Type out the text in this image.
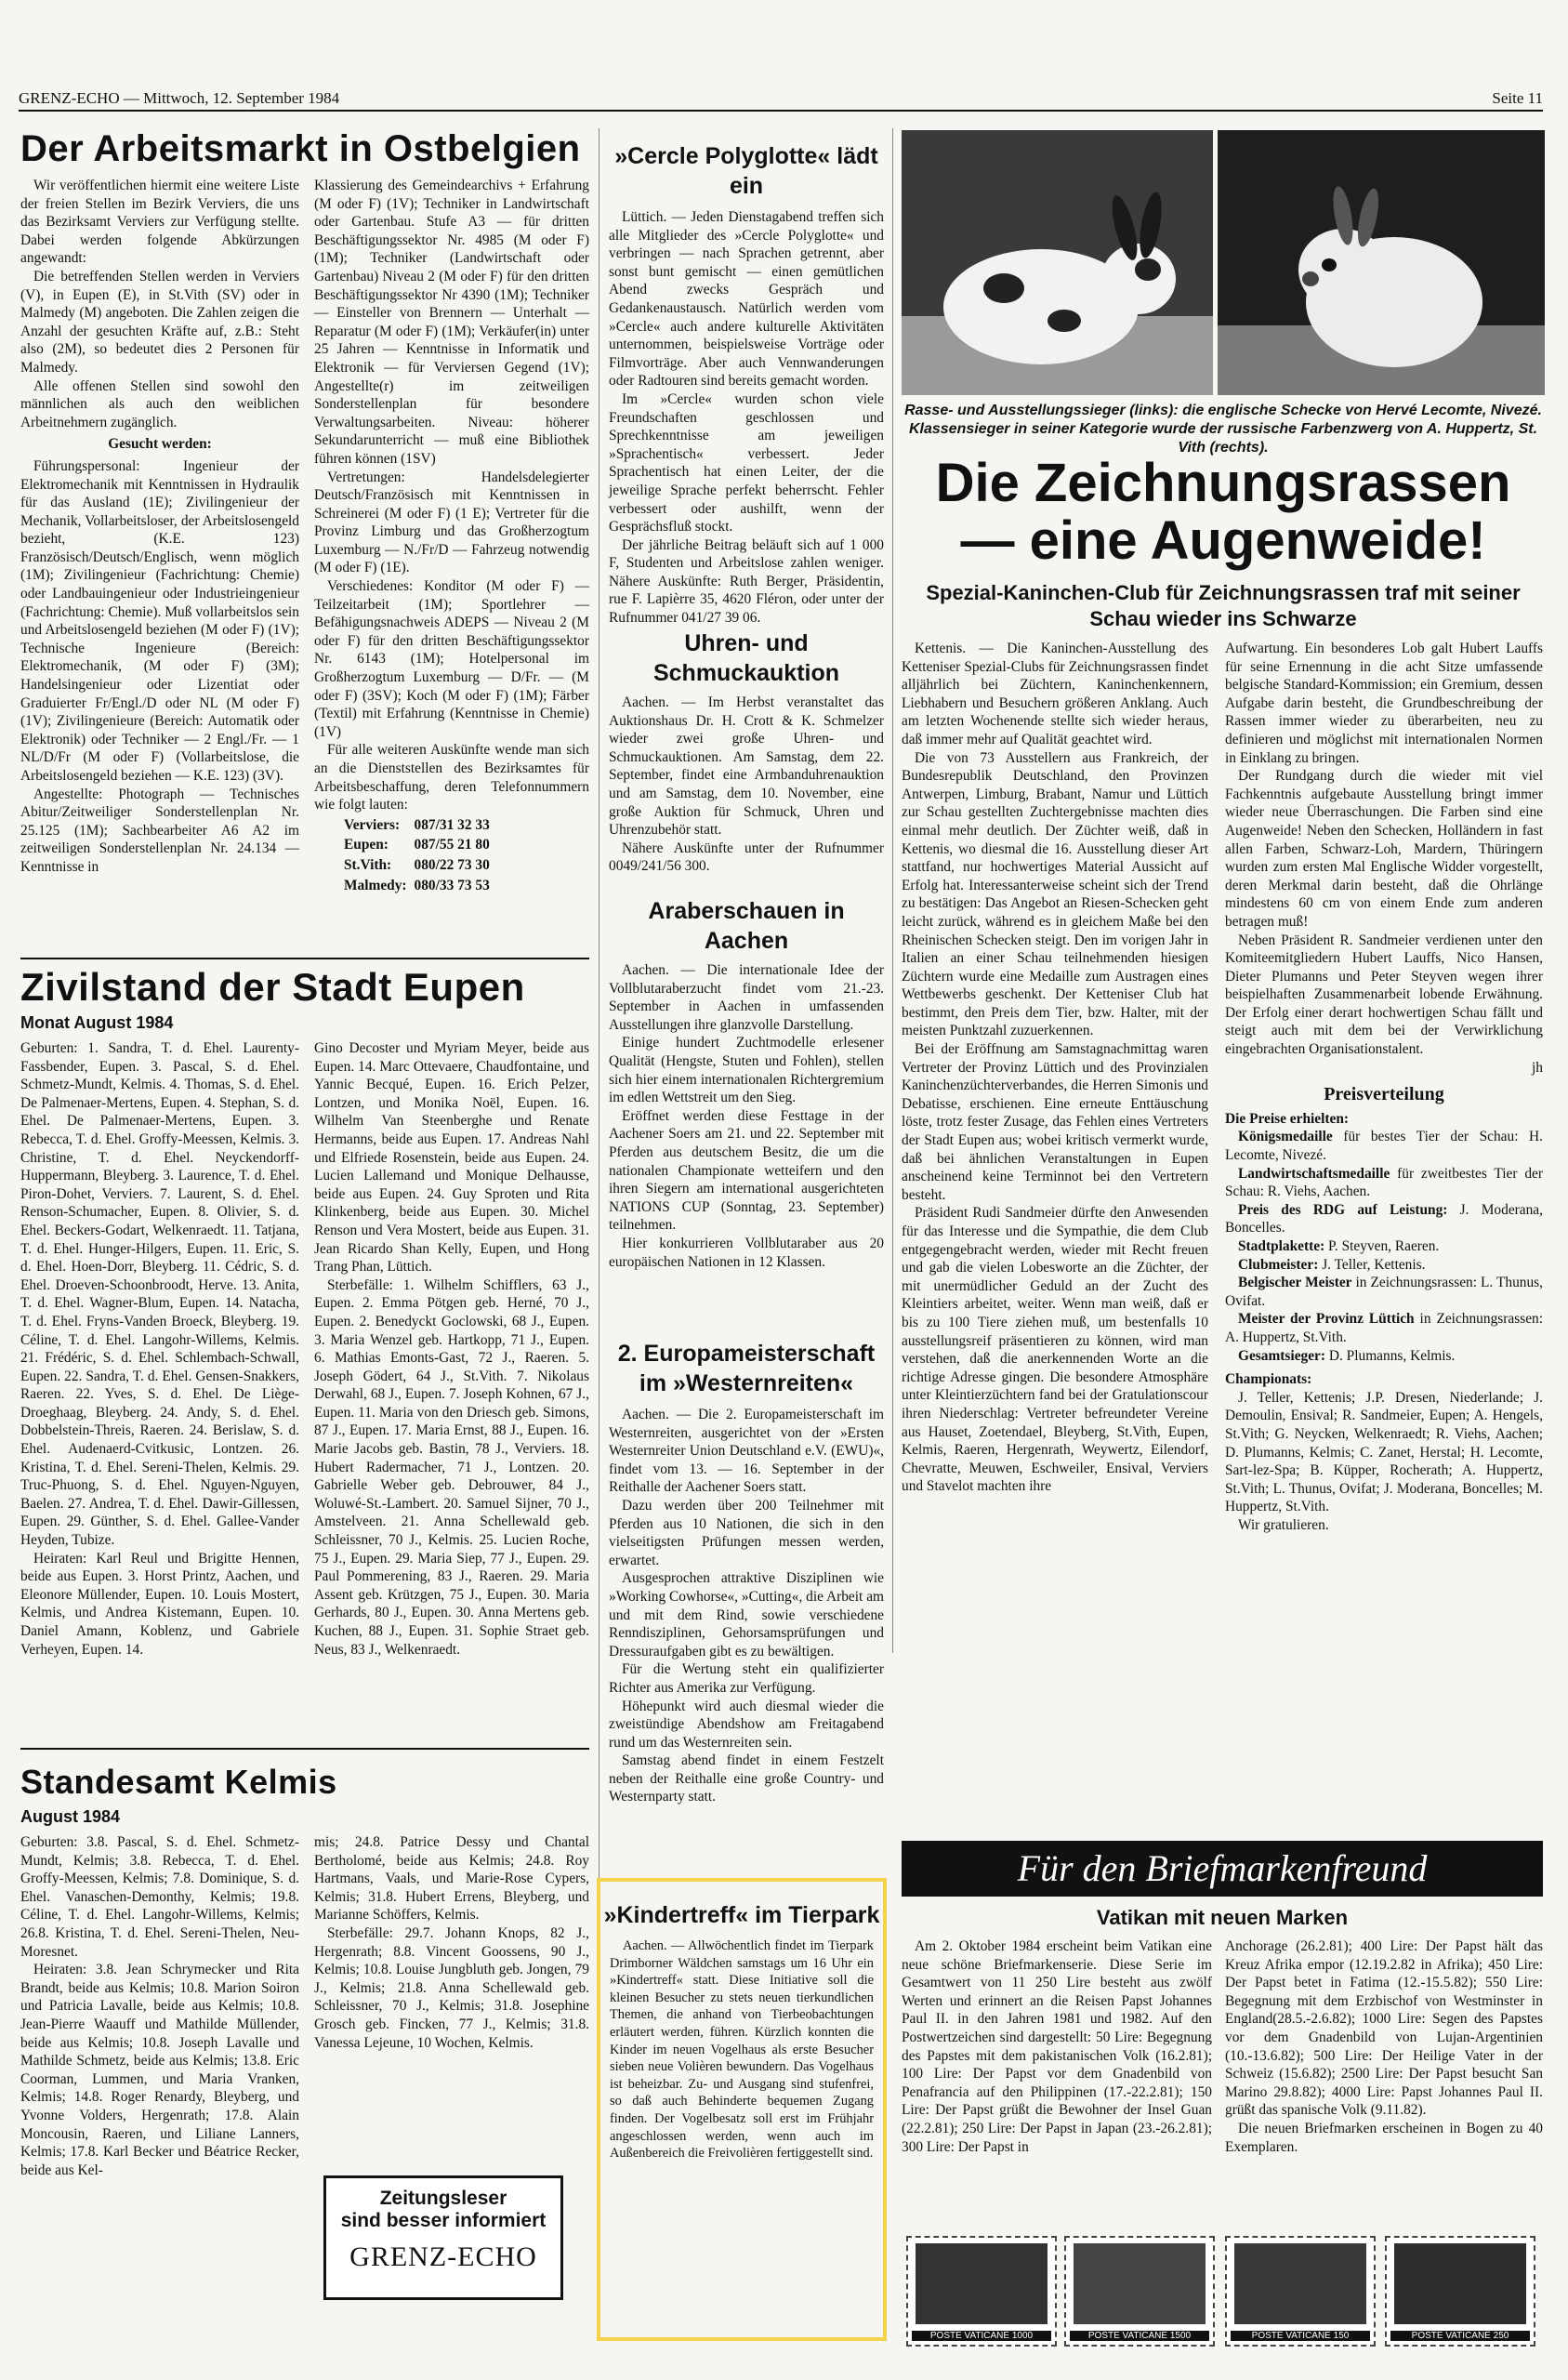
GRENZ-ECHO — Mittwoch, 12. September 1984	Seite 11
Der Arbeitsmarkt in Ostbelgien

Wir veröffentlichen hiermit eine weitere Liste der freien Stellen im Bezirk Verviers, die uns das Bezirksamt Verviers zur Verfügung stellte. Dabei werden folgende Abkürzungen angewandt:

Die betreffenden Stellen werden in Verviers (V), in Eupen (E), in St.Vith (SV) oder in Malmedy (M) angeboten. Die Zahlen zeigen die Anzahl der gesuchten Kräfte auf, z.B.: Steht also (2M), so bedeutet dies 2 Personen für Malmedy.

Alle offenen Stellen sind sowohl den männlichen als auch den weiblichen Arbeitnehmern zugänglich.

Gesucht werden:

Führungspersonal: Ingenieur der Elektromechanik mit Kenntnissen in Hydraulik für das Ausland (1E); Zivilingenieur der Mechanik, Vollarbeitsloser, der Arbeitslosengeld bezieht, (K.E. 123) Französisch/Deutsch/Englisch, wenn möglich (1M); Zivilingenieur (Fachrichtung: Chemie) oder Landbauingenieur oder Industrieingenieur (Fachrichtung: Chemie). Muß vollarbeitslos sein und Arbeitslosengeld beziehen (M oder F) (1V); Technische Ingenieure (Bereich: Elektromechanik, (M oder F) (3M); Handelsingenieur oder Lizentiat oder Graduierter Fr/Engl./D oder NL (M oder F) (1V); Zivilingenieure (Bereich: Automatik oder Elektronik) oder Techniker — 2 Engl./Fr. — 1 NL/D/Fr (M oder F) (Vollarbeitslose, die Arbeitslosengeld beziehen — K.E. 123) (3V).

Angestellte: Photograph — Technisches Abitur/Zeitweiliger Sonderstellenplan Nr. 25.125 (1M); Sachbearbeiter A6 A2 im zeitweiligen Sonderstellenplan Nr. 24.134 — Kenntnisse in

Klassierung des Gemeindearchivs + Erfahrung (M oder F) (1V); Techniker in Landwirtschaft oder Gartenbau. Stufe A3 — für dritten Beschäftigungssektor Nr. 4985 (M oder F) (1M); Techniker (Landwirtschaft oder Gartenbau) Niveau 2 (M oder F) für den dritten Beschäftigungssektor Nr 4390 (1M); Techniker — Einsteller von Brennern — Unterhalt — Reparatur (M oder F) (1M); Verkäufer(in) unter 25 Jahren — Kenntnisse in Informatik und Elektronik — für Verviersen Gegend (1V); Angestellte(r) im zeitweiligen Sonderstellenplan für besondere Verwaltungsarbeiten. Niveau: höherer Sekundarunterricht — muß eine Bibliothek führen können (1SV)

Vertretungen: Handelsdelegierter Deutsch/Französisch mit Kenntnissen in Schreinerei (M oder F) (1 E); Vertreter für die Provinz Limburg und das Großherzogtum Luxemburg — N./Fr/D — Fahrzeug notwendig (M oder F) (1E).

Verschiedenes: Konditor (M oder F) — Teilzeitarbeit (1M); Sportlehrer — Befähigungsnachweis ADEPS — Niveau 2 (M oder F) für den dritten Beschäftigungssektor Nr. 6143 (1M); Hotelpersonal im Großherzogtum Luxemburg — D/Fr. — (M oder F) (3SV); Koch (M oder F) (1M); Färber (Textil) mit Erfahrung (Kenntnisse in Chemie) (1V)

Für alle weiteren Auskünfte wende man sich an die Dienststellen des Bezirksamtes für Arbeitsbeschaffung, deren Telefonnummern wie folgt lauten:

Verviers:	087/31 32 33
Eupen:	087/55 21 80
St.Vith:	080/22 73 30
Malmedy:	080/33 73 53
Zivilstand der Stadt Eupen
Monat August 1984

Geburten: 1. Sandra, T. d. Ehel. Laurenty-Fassbender, Eupen. 3. Pascal, S. d. Ehel. Schmetz-Mundt, Kelmis. 4. Thomas, S. d. Ehel. De Palmenaer-Mertens, Eupen. 4. Stephan, S. d. Ehel. De Palmenaer-Mertens, Eupen. 3. Rebecca, T. d. Ehel. Groffy-Meessen, Kelmis. 3. Christine, T. d. Ehel. Neyckendorff-Huppermann, Bleyberg. 3. Laurence, T. d. Ehel. Piron-Dohet, Verviers. 7. Laurent, S. d. Ehel. Renson-Schumacher, Eupen. 8. Olivier, S. d. Ehel. Beckers-Godart, Welkenraedt. 11. Tatjana, T. d. Ehel. Hunger-Hilgers, Eupen. 11. Eric, S. d. Ehel. Hoen-Dorr, Bleyberg. 11. Cédric, S. d. Ehel. Droeven-Schoonbroodt, Herve. 13. Anita, T. d. Ehel. Wagner-Blum, Eupen. 14. Natacha, T. d. Ehel. Fryns-Vanden Broeck, Bleyberg. 19. Céline, T. d. Ehel. Langohr-Willems, Kelmis. 21. Frédéric, S. d. Ehel. Schlembach-Schwall, Eupen. 22. Sandra, T. d. Ehel. Gensen-Snakkers, Raeren. 22. Yves, S. d. Ehel. De Liège-Droeghaag, Bleyberg. 24. Andy, S. d. Ehel. Dobbelstein-Threis, Raeren. 24. Berislaw, S. d. Ehel. Audenaerd-Cvitkusic, Lontzen. 26. Kristina, T. d. Ehel. Sereni-Thelen, Kelmis. 29. Truc-Phuong, S. d. Ehel. Nguyen-Nguyen, Baelen. 27. Andrea, T. d. Ehel. Dawir-Gillessen, Eupen. 29. Günther, S. d. Ehel. Gallee-Vander Heyden, Tubize.

Heiraten: Karl Reul und Brigitte Hennen, beide aus Eupen. 3. Horst Printz, Aachen, und Eleonore Müllender, Eupen. 10. Louis Mostert, Kelmis, und Andrea Kistemann, Eupen. 10. Daniel Amann, Koblenz, und Gabriele Verheyen, Eupen. 14.

Gino Decoster und Myriam Meyer, beide aus Eupen. 14. Marc Ottevaere, Chaudfontaine, und Yannic Becqué, Eupen. 16. Erich Pelzer, Lontzen, und Monika Noël, Eupen. 16. Wilhelm Van Steenberghe und Renate Hermanns, beide aus Eupen. 17. Andreas Nahl und Elfriede Rosenstein, beide aus Eupen. 24. Lucien Lallemand und Monique Delhausse, beide aus Eupen. 24. Guy Sproten und Rita Klinkenberg, beide aus Eupen. 30. Michel Renson und Vera Mostert, beide aus Eupen. 31. Jean Ricardo Shan Kelly, Eupen, und Hong Trang Phan, Lüttich.

Sterbefälle: 1. Wilhelm Schifflers, 63 J., Eupen. 2. Emma Pötgen geb. Herné, 70 J., Eupen. 2. Benedyckt Goclowski, 68 J., Eupen. 3. Maria Wenzel geb. Hartkopp, 71 J., Eupen. 6. Mathias Emonts-Gast, 72 J., Raeren. 5. Joseph Gödert, 64 J., St.Vith. 7. Nikolaus Derwahl, 68 J., Eupen. 7. Joseph Kohnen, 67 J., Eupen. 11. Maria von den Driesch geb. Simons, 87 J., Eupen. 17. Maria Ernst, 88 J., Eupen. 16. Marie Jacobs geb. Bastin, 78 J., Verviers. 18. Hubert Radermacher, 71 J., Lontzen. 20. Gabrielle Weber geb. Debrouwer, 84 J., Woluwé-St.-Lambert. 20. Samuel Sijner, 70 J., Amstelveen. 21. Anna Schellewald geb. Schleissner, 70 J., Kelmis. 25. Lucien Roche, 75 J., Eupen. 29. Maria Siep, 77 J., Eupen. 29. Paul Pommerening, 83 J., Raeren. 29. Maria Assent geb. Krützgen, 75 J., Eupen. 30. Maria Gerhards, 80 J., Eupen. 30. Anna Mertens geb. Kuchen, 88 J., Eupen. 31. Sophie Straet geb. Neus, 83 J., Welkenraedt.

Standesamt Kelmis
August 1984

Geburten: 3.8. Pascal, S. d. Ehel. Schmetz-Mundt, Kelmis; 3.8. Rebecca, T. d. Ehel. Groffy-Meessen, Kelmis; 7.8. Dominique, S. d. Ehel. Vanaschen-Demonthy, Kelmis; 19.8. Céline, T. d. Ehel. Langohr-Willems, Kelmis; 26.8. Kristina, T. d. Ehel. Sereni-Thelen, Neu-Moresnet.

Heiraten: 3.8. Jean Schrymecker und Rita Brandt, beide aus Kelmis; 10.8. Marion Soiron und Patricia Lavalle, beide aus Kelmis; 10.8. Jean-Pierre Waauff und Mathilde Müllender, beide aus Kelmis; 10.8. Joseph Lavalle und Mathilde Schmetz, beide aus Kelmis; 13.8. Eric Coorman, Lummen, und Maria Vranken, Kelmis; 14.8. Roger Renardy, Bleyberg, und Yvonne Volders, Hergenrath; 17.8. Alain Moncousin, Raeren, und Liliane Lanners, Kelmis; 17.8. Karl Becker und Béatrice Recker, beide aus Kel-

mis; 24.8. Patrice Dessy und Chantal Bertholomé, beide aus Kelmis; 24.8. Roy Hartmans, Vaals, und Marie-Rose Cypers, Kelmis; 31.8. Hubert Errens, Bleyberg, und Marianne Schöffers, Kelmis.

Sterbefälle: 29.7. Johann Knops, 82 J., Hergenrath; 8.8. Vincent Goossens, 90 J., Kelmis; 10.8. Louise Jungbluth geb. Jongen, 79 J., Kelmis; 21.8. Anna Schellewald geb. Schleissner, 70 J., Kelmis; 31.8. Josephine Grosch geb. Fincken, 77 J., Kelmis; 31.8. Vanessa Lejeune, 10 Wochen, Kelmis.

Zeitungsleser
sind besser informiert
GRENZ-ECHO
»Cercle Polyglotte« lädt ein

Lüttich. — Jeden Dienstagabend treffen sich alle Mitglieder des »Cercle Polyglotte« und verbringen — nach Sprachen getrennt, aber sonst bunt gemischt — einen gemütlichen Abend zwecks Gespräch und Gedankenaustausch. Natürlich werden vom »Cercle« auch andere kulturelle Aktivitäten unternommen, beispielsweise Vorträge oder Filmvorträge. Aber auch Vennwanderungen oder Radtouren sind bereits gemacht worden.

Im »Cercle« wurden schon viele Freundschaften geschlossen und Sprechkenntnisse am jeweiligen »Sprachentisch« verbessert. Jeder Sprachentisch hat einen Leiter, der die jeweilige Sprache perfekt beherrscht. Fehler verbessert oder aushilft, wenn der Gesprächsfluß stockt.

Der jährliche Beitrag beläuft sich auf 1 000 F, Studenten und Arbeitslose zahlen weniger. Nähere Auskünfte: Ruth Berger, Präsidentin, rue F. Lapièrre 35, 4620 Fléron, oder unter der Rufnummer 041/27 39 06.

Uhren- und Schmuckauktion

Aachen. — Im Herbst veranstaltet das Auktionshaus Dr. H. Crott & K. Schmelzer wieder zwei große Uhren- und Schmuckauktionen. Am Samstag, dem 22. September, findet eine Armbanduhrenauktion und am Samstag, dem 10. November, eine große Auktion für Schmuck, Uhren und Uhrenzubehör statt.

Nähere Auskünfte unter der Rufnummer 0049/241/56 300.

Araberschauen in Aachen

Aachen. — Die internationale Idee der Vollblutaraberzucht findet vom 21.-23. September in Aachen in umfassenden Ausstellungen ihre glanzvolle Darstellung.

Einige hundert Zuchtmodelle erlesener Qualität (Hengste, Stuten und Fohlen), stellen sich hier einem internationalen Richtergremium im edlen Wettstreit um den Sieg.

Eröffnet werden diese Festtage in der Aachener Soers am 21. und 22. September mit Pferden aus deutschem Besitz, die um die nationalen Championate wetteifern und den ihren Siegern am international ausgerichteten NATIONS CUP (Sonntag, 23. September) teilnehmen.

Hier konkurrieren Vollblutaraber aus 20 europäischen Nationen in 12 Klassen.

2. Europameisterschaft im »Westernreiten«

Aachen. — Die 2. Europameisterschaft im Westernreiten, ausgerichtet von der »Ersten Westernreiter Union Deutschland e.V. (EWU)«, findet vom 13. — 16. September in der Reithalle der Aachener Soers statt.

Dazu werden über 200 Teilnehmer mit Pferden aus 10 Nationen, die sich in den vielseitigsten Prüfungen messen werden, erwartet.

Ausgesprochen attraktive Disziplinen wie »Working Cowhorse«, »Cutting«, die Arbeit am und mit dem Rind, sowie verschiedene Renndisziplinen, Gehorsamsprüfungen und Dressuraufgaben gibt es zu bewältigen.

Für die Wertung steht ein qualifizierter Richter aus Amerika zur Verfügung.

Höhepunkt wird auch diesmal wieder die zweistündige Abendshow am Freitagabend rund um das Westernreiten sein.

Samstag abend findet in einem Festzelt neben der Reithalle eine große Country- und Westernparty statt.

»Kindertreff« im Tierpark

Aachen. — Allwöchentlich findet im Tierpark Drimborner Wäldchen samstags um 16 Uhr ein »Kindertreff« statt. Diese Initiative soll die kleinen Besucher zu stets neuen tierkundlichen Themen, die anhand von Tierbeobachtungen erläutert werden, führen. Kürzlich konnten die Kinder im neuen Vogelhaus als erste Besucher sieben neue Volièren bewundern. Das Vogelhaus ist beheizbar. Zu- und Ausgang sind stufenfrei, so daß auch Behinderte bequemen Zugang finden. Der Vogelbesatz soll erst im Frühjahr angeschlossen werden, wenn auch im Außenbereich die Freivolièren fertiggestellt sind.

Rasse- und Ausstellungssieger (links): die englische Schecke von Hervé Lecomte, Nivezé. Klassensieger in seiner Kategorie wurde der russische Farbenzwerg von A. Huppertz, St. Vith (rechts).
Die Zeichnungsrassen
— eine Augenweide!
Spezial-Kaninchen-Club für Zeichnungsrassen traf mit seiner Schau wieder ins Schwarze

Kettenis. — Die Kaninchen-Ausstellung des Ketteniser Spezial-Clubs für Zeichnungsrassen findet alljährlich bei Züchtern, Kaninchenkennern, Liebhabern und Besuchern größeren Anklang. Auch am letzten Wochenende stellte sich wieder heraus, daß immer mehr auf Qualität geachtet wird.

Die von 73 Ausstellern aus Frankreich, der Bundesrepublik Deutschland, den Provinzen Antwerpen, Limburg, Brabant, Namur und Lüttich zur Schau gestellten Zuchtergebnisse machten dies einmal mehr deutlich. Der Züchter weiß, daß in Kettenis, wo diesmal die 16. Ausstellung dieser Art stattfand, nur hochwertiges Material Aussicht auf Erfolg hat. Interessanterweise scheint sich der Trend zu bestätigen: Das Angebot an Riesen-Schecken geht leicht zurück, während es in gleichem Maße bei den Rheinischen Schecken steigt. Den im vorigen Jahr in Italien an einer Schau teilnehmenden hiesigen Züchtern wurde eine Medaille zum Austragen eines Wettbewerbs geschenkt. Der Ketteniser Club hat bestimmt, den Preis dem Tier, bzw. Halter, mit der meisten Punktzahl zuzuerkennen.

Bei der Eröffnung am Samstagnachmittag waren Vertreter der Provinz Lüttich und des Provinzialen Kaninchenzüchterverbandes, die Herren Simonis und Debatisse, erschienen. Eine erneute Enttäuschung löste, trotz fester Zusage, das Fehlen eines Vertreters der Stadt Eupen aus; wobei kritisch vermerkt wurde, daß bei ähnlichen Veranstaltungen in Eupen anscheinend keine Terminnot bei den Vertretern besteht.

Präsident Rudi Sandmeier dürfte den Anwesenden für das Interesse und die Sympathie, die dem Club entgegengebracht werden, wieder mit Recht freuen und gab die vielen Lobesworte an die Züchter, der mit unermüdlicher Geduld an der Zucht des Kleintiers arbeitet, weiter. Wenn man weiß, daß er bis zu 100 Tiere ziehen muß, um bestenfalls 10 ausstellungsreif präsentieren zu können, wird man verstehen, daß die anerkennenden Worte an die richtige Adresse gingen. Die besondere Atmosphäre unter Kleintierzüchtern fand bei der Gratulationscour ihren Niederschlag: Vertreter befreundeter Vereine aus Hauset, Zoetendael, Bleyberg, St.Vith, Eupen, Kelmis, Raeren, Hergenrath, Weywertz, Eilendorf, Chevratte, Meuwen, Eschweiler, Ensival, Verviers und Stavelot machten ihre

Aufwartung. Ein besonderes Lob galt Hubert Lauffs für seine Ernennung in die acht Sitze umfassende belgische Standard-Kommission; ein Gremium, dessen Aufgabe darin besteht, die Grundbeschreibung der Rassen immer wieder zu überarbeiten, neu zu definieren und möglichst mit internationalen Normen in Einklang zu bringen.

Der Rundgang durch die wieder mit viel Fachkenntnis aufgebaute Ausstellung bringt immer wieder neue Überraschungen. Die Farben sind eine Augenweide! Neben den Schecken, Holländern in fast allen Farben, Schwarz-Loh, Mardern, Thüringern wurden zum ersten Mal Englische Widder vorgestellt, deren Merkmal darin besteht, daß die Ohrlänge mindestens 60 cm von einem Ende zum anderen betragen muß!

Neben Präsident R. Sandmeier verdienen unter den Komiteemitgliedern Hubert Lauffs, Nico Hansen, Dieter Plumanns und Peter Steyven wegen ihrer beispielhaften Zusammenarbeit lobende Erwähnung. Der Erfolg einer derart hochwertigen Schau fällt und steigt auch mit dem bei der Verwirklichung eingebrachten Organisationstalent.

jh

Preisverteilung

Die Preise erhielten:

Königsmedaille für bestes Tier der Schau: H. Lecomte, Nivezé.

Landwirtschaftsmedaille für zweitbestes Tier der Schau: R. Viehs, Aachen.

Preis des RDG auf Leistung: J. Moderana, Boncelles.

Stadtplakette: P. Steyven, Raeren.

Clubmeister: J. Teller, Kettenis.

Belgischer Meister in Zeichnungsrassen: L. Thunus, Ovifat.

Meister der Provinz Lüttich in Zeichnungsrassen: A. Huppertz, St.Vith.

Gesamtsieger: D. Plumanns, Kelmis.

Championats:

J. Teller, Kettenis; J.P. Dresen, Niederlande; J. Demoulin, Ensival; R. Sandmeier, Eupen; A. Hengels, St.Vith; G. Neycken, Welkenraedt; R. Viehs, Aachen; D. Plumanns, Kelmis; C. Zanet, Herstal; H. Lecomte, Sart-lez-Spa; B. Küpper, Rocherath; A. Huppertz, St.Vith; L. Thunus, Ovifat; J. Moderana, Boncelles; M. Huppertz, St.Vith.

Wir gratulieren.

Für den Briefmarkenfreund
Vatikan mit neuen Marken

Am 2. Oktober 1984 erscheint beim Vatikan eine neue schöne Briefmarkenserie. Diese Serie im Gesamtwert von 11 250 Lire besteht aus zwölf Werten und erinnert an die Reisen Papst Johannes Paul II. in den Jahren 1981 und 1982. Auf den Postwertzeichen sind dargestellt: 50 Lire: Begegnung des Papstes mit dem pakistanischen Volk (16.2.81); 100 Lire: Der Papst vor dem Gnadenbild von Penafrancia auf den Philippinen (17.-22.2.81); 150 Lire: Der Papst grüßt die Bewohner der Insel Guan (22.2.81); 250 Lire: Der Papst in Japan (23.-26.2.81); 300 Lire: Der Papst in

Anchorage (26.2.81); 400 Lire: Der Papst hält das Kreuz Afrika empor (12.19.2.82 in Afrika); 450 Lire: Der Papst betet in Fatima (12.-15.5.82); 550 Lire: Begegnung mit dem Erzbischof von Westminster in England(28.5.-2.6.82); 1000 Lire: Segen des Papstes vor dem Gnadenbild von Lujan-Argentinien (10.-13.6.82); 500 Lire: Der Heilige Vater in der Schweiz (15.6.82); 2500 Lire: Der Papst besucht San Marino 29.8.82); 4000 Lire: Papst Johannes Paul II. grüßt das spanische Volk (9.11.82).

Die neuen Briefmarken erscheinen in Bogen zu 40 Exemplaren.

POSTE VATICANE 1000	POSTE VATICANE 1500	POSTE VATICANE 150	POSTE VATICANE 250
